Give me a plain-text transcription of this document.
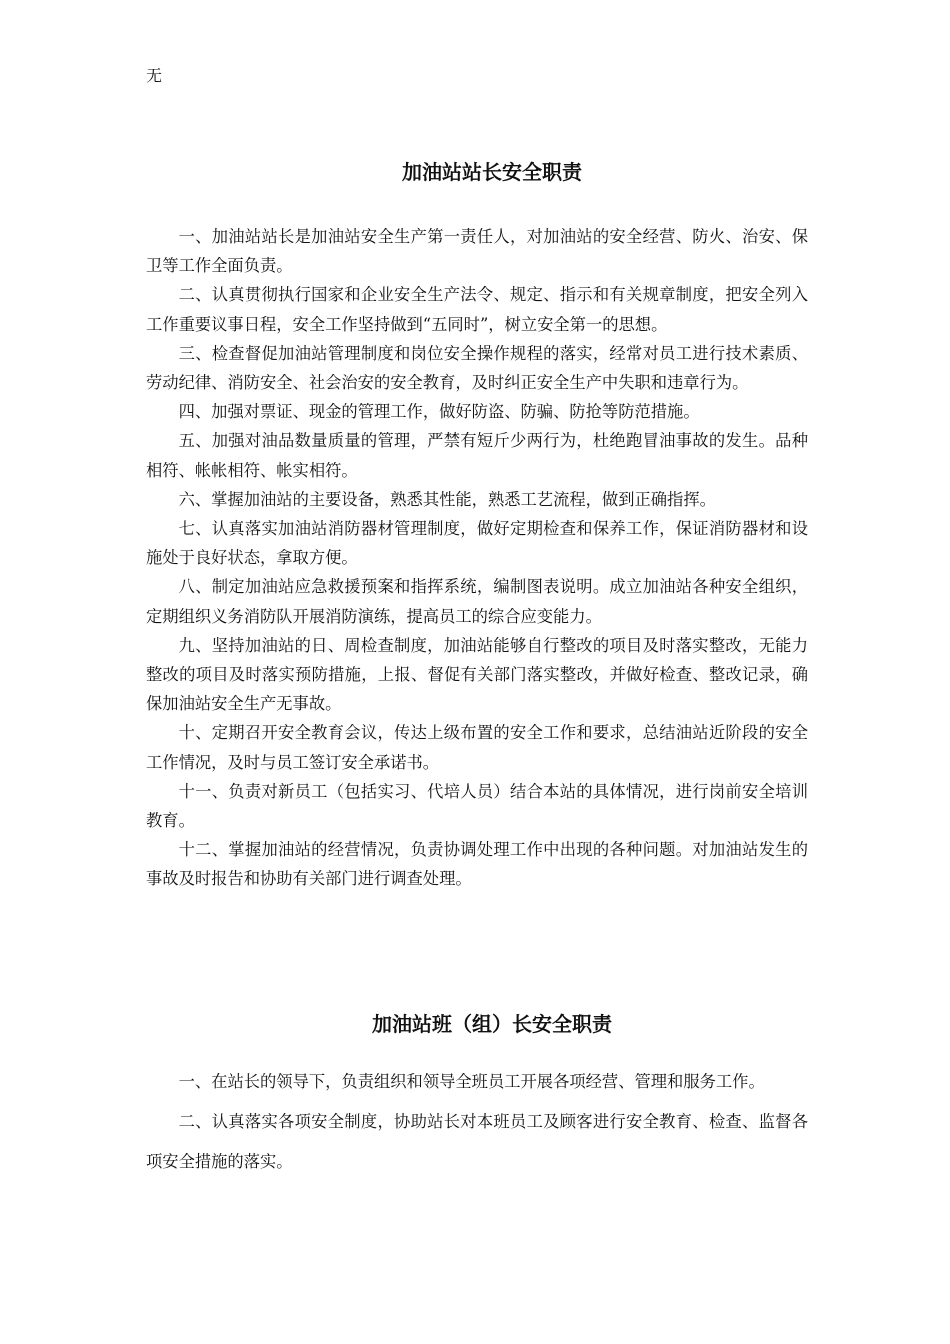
无
加油站站长安全职责

一、加油站站长是加油站安全生产第一责任人，对加油站的安全经营、防火、治安、保卫等工作全面负责。

二、认真贯彻执行国家和企业安全生产法令、规定、指示和有关规章制度，把安全列入工作重要议事日程，安全工作坚持做到“五同时”，树立安全第一的思想。

三、检查督促加油站管理制度和岗位安全操作规程的落实，经常对员工进行技术素质、劳动纪律、消防安全、社会治安的安全教育，及时纠正安全生产中失职和违章行为。

四、加强对票证、现金的管理工作，做好防盗、防骗、防抢等防范措施。

五、加强对油品数量质量的管理，严禁有短斤少两行为，杜绝跑冒油事故的发生。品种相符、帐帐相符、帐实相符。

六、掌握加油站的主要设备，熟悉其性能，熟悉工艺流程，做到正确指挥。

七、认真落实加油站消防器材管理制度，做好定期检查和保养工作，保证消防器材和设施处于良好状态，拿取方便。

八、制定加油站应急救援预案和指挥系统，编制图表说明。成立加油站各种安全组织，定期组织义务消防队开展消防演练，提高员工的综合应变能力。

九、坚持加油站的日、周检查制度，加油站能够自行整改的项目及时落实整改，无能力整改的项目及时落实预防措施，上报、督促有关部门落实整改，并做好检查、整改记录，确保加油站安全生产无事故。

十、定期召开安全教育会议，传达上级布置的安全工作和要求，总结油站近阶段的安全工作情况，及时与员工签订安全承诺书。

十一、负责对新员工（包括实习、代培人员）结合本站的具体情况，进行岗前安全培训教育。

十二、掌握加油站的经营情况，负责协调处理工作中出现的各种问题。对加油站发生的事故及时报告和协助有关部门进行调查处理。

加油站班（组）长安全职责

一、在站长的领导下，负责组织和领导全班员工开展各项经营、管理和服务工作。

二、认真落实各项安全制度，协助站长对本班员工及顾客进行安全教育、检查、监督各项安全措施的落实。
